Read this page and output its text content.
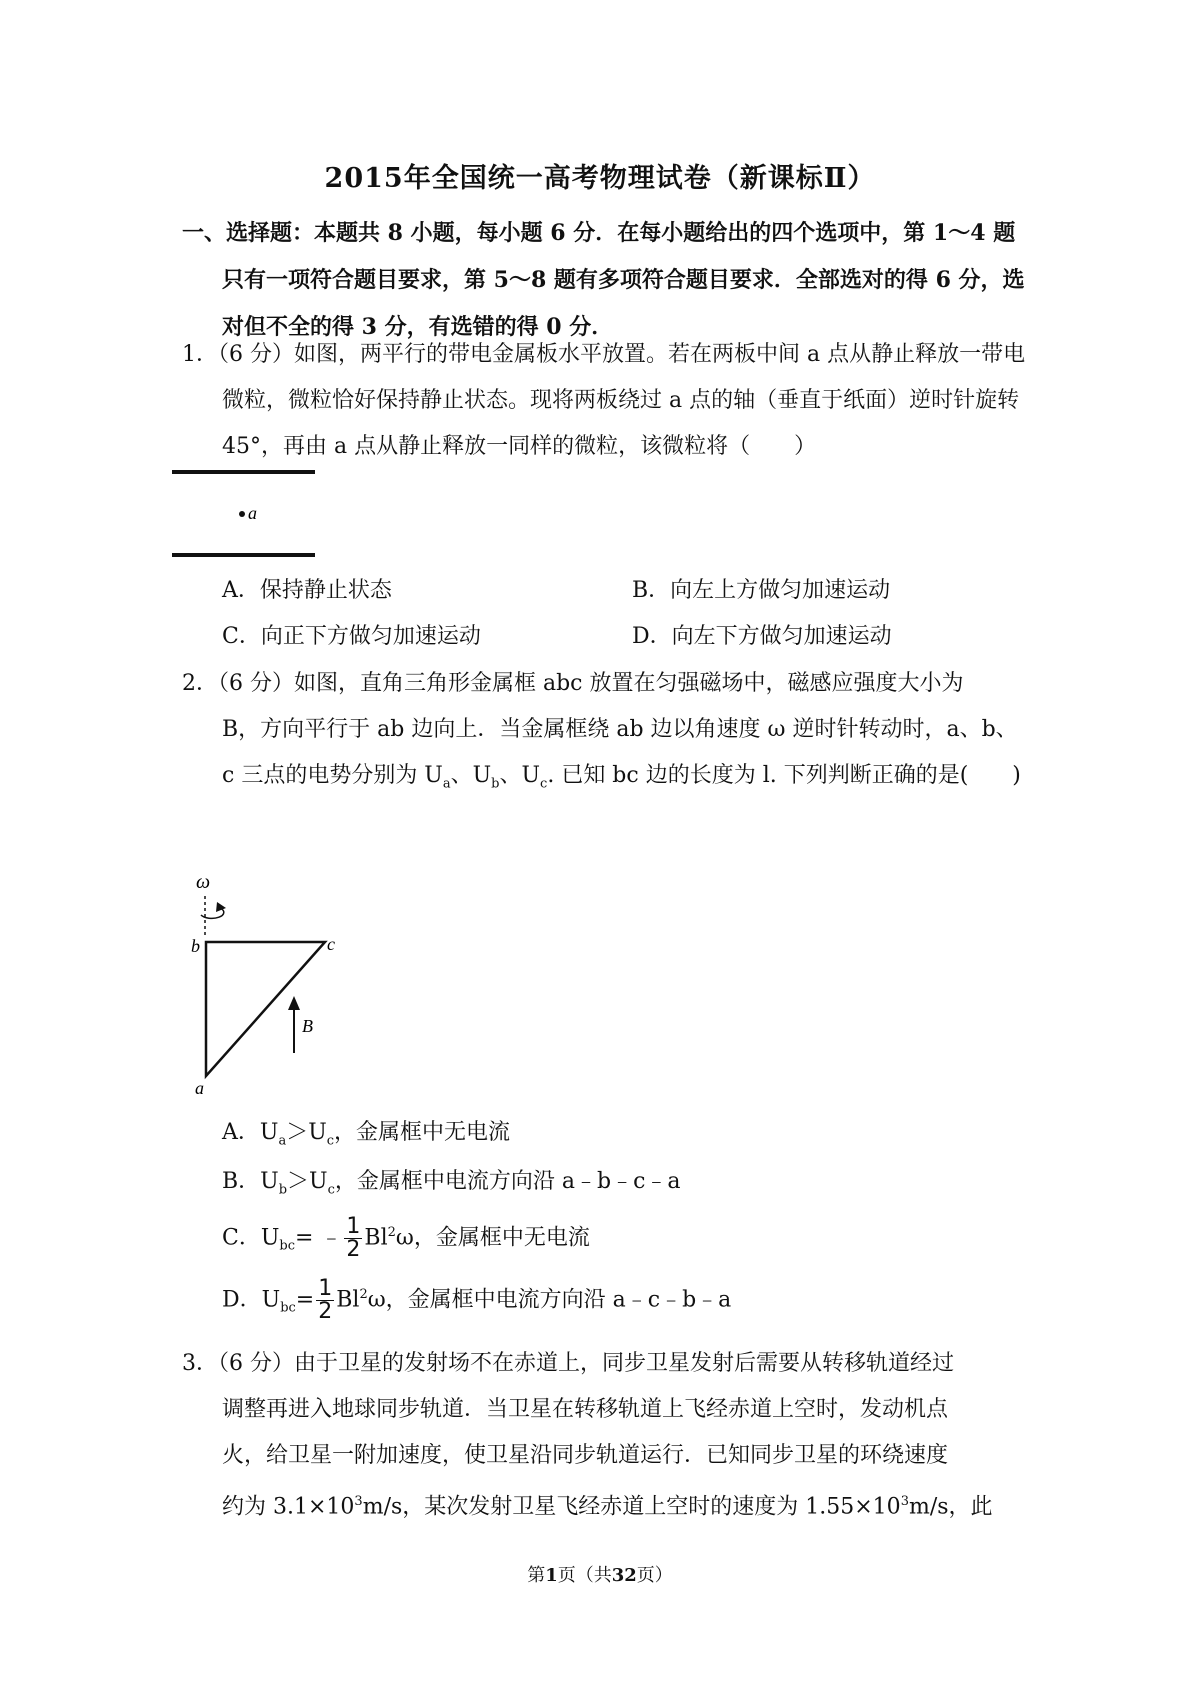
2015年全国统一高考物理试卷（新课标Ⅱ）
一、选择题：本题共 8 小题，每小题 6 分．在每小题给出的四个选项中，第 1～4 题只有一项符合题目要求，第 5～8 题有多项符合题目要求．全部选对的得 6 分，选对但不全的得 3 分，有选错的得 0 分．
1．（6 分）如图，两平行的带电金属板水平放置。若在两板中间 a 点从静止释放一带电微粒，微粒恰好保持静止状态。现将两板绕过 a 点的轴（垂直于纸面）逆时针旋转 45°，再由 a 点从静止释放一同样的微粒，该微粒将（　　）
a
A．保持静止状态	B．向左上方做匀加速运动
C．向正下方做匀加速运动	D．向左下方做匀加速运动
2．（6 分）如图，直角三角形金属框 abc 放置在匀强磁场中，磁感应强度大小为
B，方向平行于 ab 边向上．当金属框绕 ab 边以角速度 ω 逆时针转动时，a、b、
c 三点的电势分别为 $U_a$、$U_b$、$U_c$. 已知 bc 边的长度为 l. 下列判断正确的是(　　)
ω
b	c
a
B
A．$U_a>U_c$，金属框中无电流
B．$U_b>U_c$，金属框中电流方向沿 a﹣b﹣c﹣a
C．$U_{bc}=$ ﹣ $\frac{1}{2} Bl^2\omega$，金属框中无电流
D．$U_{bc}= \frac{1}{2} Bl^2\omega$，金属框中电流方向沿 a﹣c﹣b﹣a
3．（6 分）由于卫星的发射场不在赤道上，同步卫星发射后需要从转移轨道经过
调整再进入地球同步轨道．当卫星在转移轨道上飞经赤道上空时，发动机点
火，给卫星一附加速度，使卫星沿同步轨道运行．已知同步卫星的环绕速度
约为 $3.1\times 10^3m/s$，某次发射卫星飞经赤道上空时的速度为 $1.55\times 10^3m/s$，此
第1页（共32页）
